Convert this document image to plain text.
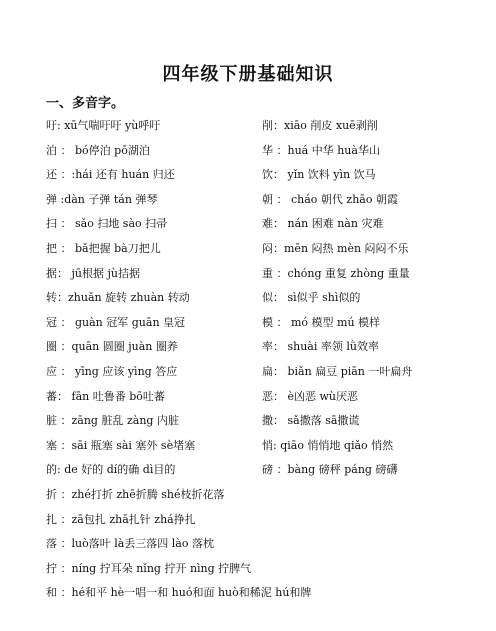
四年级下册基础知识
一、多音字。
吁: xū气喘吁吁 yù呼吁	削：xiāo 削皮 xuē剥削
泊 ： bó停泊 pō湖泊	华 ：huá 中华 huà华山
还 ：:hái 还有 huán 归还	饮： yǐn 饮料 yìn 饮马
弹 :dàn 子弹 tán 弹琴	朝 ： cháo 朝代 zhāo 朝霞
扫 ： sǎo 扫地 sào 扫帚	难： nán 困难 nàn 灾难
把 ： bǎ把握 bà刀把儿	闷：mēn 闷热 mèn 闷闷不乐
据： jū根据 jù拮据	重 ：chóng 重复 zhòng 重量
转：zhuǎn 旋转 zhuàn 转动	似： sì似乎 shì似的
冠 ： guàn 冠军 guān 皇冠	模 ： mó 模型 mú 模样
圈 ：quān 圆圈 juàn 圈养	率： shuài 率领 lǜ效率
应 ： yīng 应该 yìng 答应	扁： biǎn 扁豆 piān 一叶扁舟
蕃： fān 吐鲁番 bō吐蕃	恶： è凶恶 wù厌恶
脏 ：zāng 脏乱 zàng 内脏	撒： sǎ撒落 sā撒谎
塞 ：sāi 瓶塞 sài 塞外 sè堵塞	悄: qiāo 悄悄地 qiǎo 悄然
的: de 好的 dí的确 dì目的	磅 ：bàng 磅秤 páng 磅礴
折 ：zhé打折 zhē折腾 shé枝折花落
扎 ：zā包扎 zhā扎针 zhá挣扎
落 ：luò落叶 là丢三落四 lào 落枕
拧 ：níng 拧耳朵 nǐng 拧开 nìng 拧脾气
和 ：hé和平 hè一唱一和 huó和面 huò和稀泥 hú和牌
